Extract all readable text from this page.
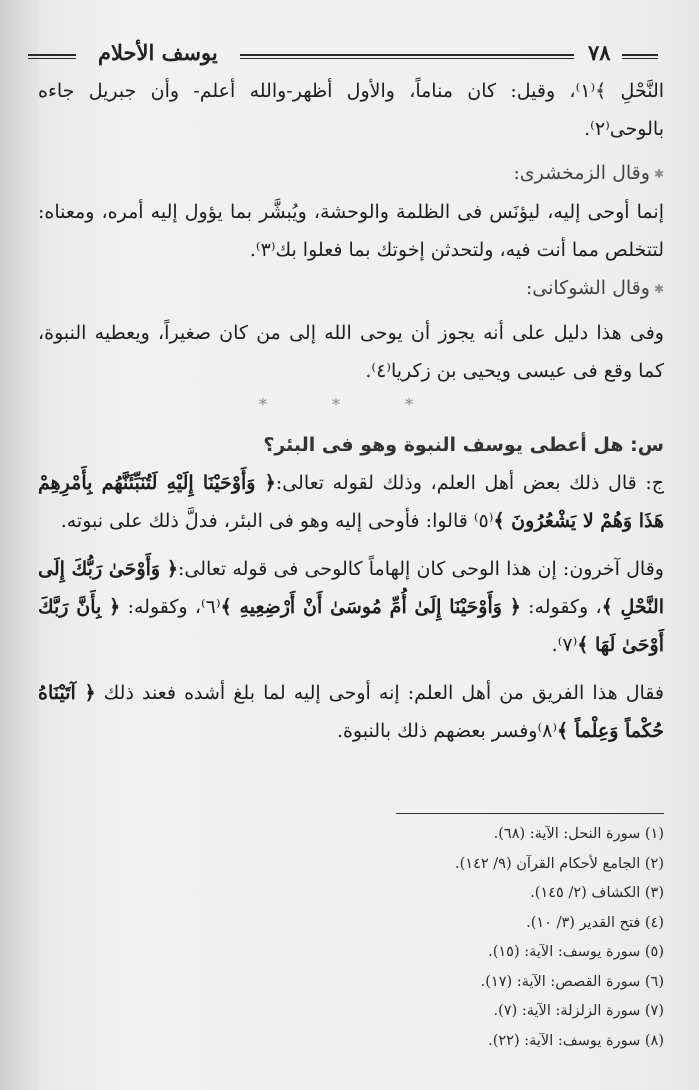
يوسف الأحلام	٧٨

النَّحْلِ ﴾⁽١⁾، وقيل: كان مناماً، والأول أظهر-والله أعلم- وأن جبريل جاءه بالوحى⁽٢⁾.

✱وقال الزمخشرى:

إنما أوحى إليه، ليؤنَس فى الظلمة والوحشة، ويُبشَّر بما يؤول إليه أمره، ومعناه: لتتخلص مما أنت فيه، ولتحدثن إخوتك بما فعلوا بك⁽٣⁾.

✱وقال الشوكانى:

وفى هذا دليل على أنه يجوز أن يوحى الله إلى من كان صغيراً، ويعطيه النبوة، كما وقع فى عيسى ويحيى بن زكريا⁽٤⁾.

* * *

س: هل أعطى يوسف النبوة وهو فى البئر؟

ج: قال ذلك بعض أهل العلم، وذلك لقوله تعالى:﴿ وَأَوْحَيْنَا إِلَيْهِ لَتُنَبِّئَنَّهُم بِأَمْرِهِمْ هَذَا وَهُمْ لا يَشْعُرُونَ ﴾⁽٥⁾ قالوا: فأوحى إليه وهو فى البئر، فدلَّ ذلك على نبوته.

وقال آخرون: إن هذا الوحى كان إلهاماً كالوحى فى قوله تعالى:﴿ وَأَوْحَىٰ رَبُّكَ إِلَى النَّحْلِ ﴾، وكقوله: ﴿ وَأَوْحَيْنَا إِلَىٰ أُمِّ مُوسَىٰ أَنْ أَرْضِعِيهِ ﴾⁽٦⁾، وكقوله: ﴿ بِأَنَّ رَبَّكَ أَوْحَىٰ لَهَا ﴾⁽٧⁾.

فقال هذا الفريق من أهل العلم: إنه أوحى إليه لما بلغ أشده فعند ذلك ﴿ آتَيْنَاهُ حُكْماً وَعِلْماً ﴾⁽٨⁾وفسر بعضهم ذلك بالنبوة.

(١) سورة النحل: الآية: (٦٨).

(٢) الجامع لأحكام القرآن (٩/ ١٤٢).

(٣) الكشاف (٢/ ١٤٥).

(٤) فتح القدير (٣/ ١٠).

(٥) سورة يوسف: الآية: (١٥).

(٦) سورة القصص: الآية: (١٧).

(٧) سورة الزلزلة: الآية: (٧).

(٨) سورة يوسف: الآية: (٢٢).
